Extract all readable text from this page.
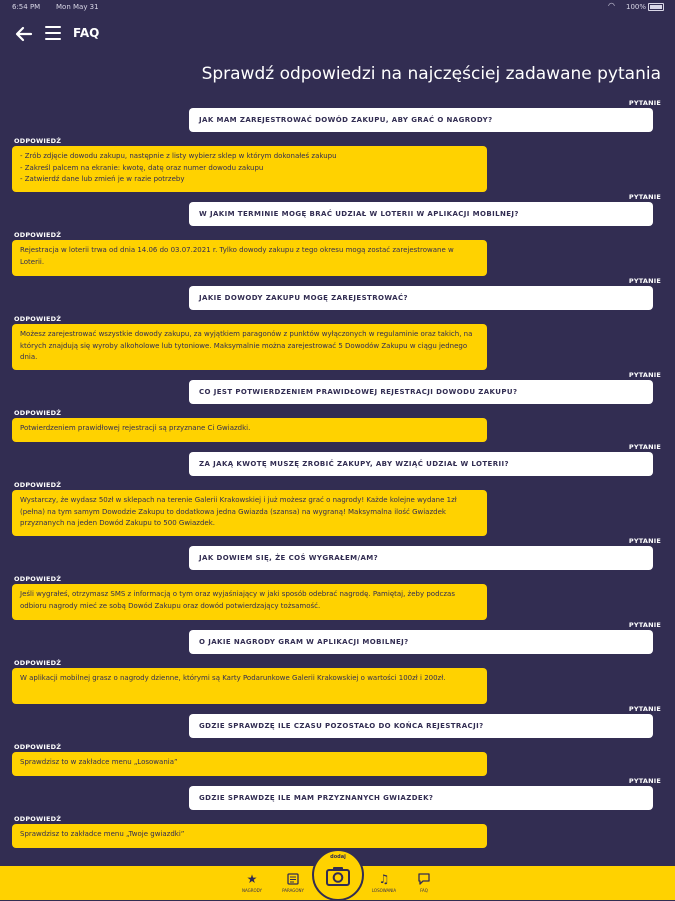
6:54 PM Mon May 31	◠ 100%
FAQ
Sprawdź odpowiedzi na najczęściej zadawane pytania
PYTANIE
JAK MAM ZAREJESTROWAĆ DOWÓD ZAKUPU, ABY GRAĆ O NAGRODY?
ODPOWIEDŹ
- Zrób zdjęcie dowodu zakupu, następnie z listy wybierz sklep w którym dokonałeś zakupu
- Zakreśl palcem na ekranie: kwotę, datę oraz numer dowodu zakupu
- Zatwierdź dane lub zmień je w razie potrzeby
PYTANIE
W JAKIM TERMINIE MOGĘ BRAĆ UDZIAŁ W LOTERII W APLIKACJI MOBILNEJ?
ODPOWIEDŹ
Rejestracja w loterii trwa od dnia 14.06 do 03.07.2021 r. Tylko dowody zakupu z tego okresu mogą zostać zarejestrowane w Loterii.
PYTANIE
JAKIE DOWODY ZAKUPU MOGĘ ZAREJESTROWAĆ?
ODPOWIEDŹ
Możesz zarejestrować wszystkie dowody zakupu, za wyjątkiem paragonów z punktów wyłączonych w regulaminie oraz takich, na których znajdują się wyroby alkoholowe lub tytoniowe. Maksymalnie można zarejestrować 5 Dowodów Zakupu w ciągu jednego dnia.
PYTANIE
CO JEST POTWIERDZENIEM PRAWIDŁOWEJ REJESTRACJI DOWODU ZAKUPU?
ODPOWIEDŹ
Potwierdzeniem prawidłowej rejestracji są przyznane Ci Gwiazdki.
PYTANIE
ZA JAKĄ KWOTĘ MUSZĘ ZROBIĆ ZAKUPY, ABY WZIĄĆ UDZIAŁ W LOTERII?
ODPOWIEDŹ
Wystarczy, że wydasz 50zł w sklepach na terenie Galerii Krakowskiej i już możesz grać o nagrody! Każde kolejne wydane 1zł (pełna) na tym samym Dowodzie Zakupu to dodatkowa jedna Gwiazda (szansa) na wygraną! Maksymalna ilość Gwiazdek przyznanych na jeden Dowód Zakupu to 500 Gwiazdek.
PYTANIE
JAK DOWIEM SIĘ, ŻE COŚ WYGRAŁEM/AM?
ODPOWIEDŹ
Jeśli wygrałeś, otrzymasz SMS z informacją o tym oraz wyjaśniający w jaki sposób odebrać nagrodę. Pamiętaj, żeby podczas odbioru nagrody mieć ze sobą Dowód Zakupu oraz dowód potwierdzający tożsamość.
PYTANIE
O JAKIE NAGRODY GRAM W APLIKACJI MOBILNEJ?
ODPOWIEDŹ
W aplikacji mobilnej grasz o nagrody dzienne, którymi są Karty Podarunkowe Galerii Krakowskiej o wartości 100zł i 200zł.
PYTANIE
GDZIE SPRAWDZĘ ILE CZASU POZOSTAŁO DO KOŃCA REJESTRACJI?
ODPOWIEDŹ
Sprawdzisz to w zakładce menu „Losowania”
PYTANIE
GDZIE SPRAWDZĘ ILE MAM PRZYZNANYCH GWIAZDEK?
ODPOWIEDŹ
Sprawdzisz to zakładce menu „Twoje gwiazdki”
★
NAGRODY	PARAGONY
♫
LOSOWANIA	FAQ
dodaj
